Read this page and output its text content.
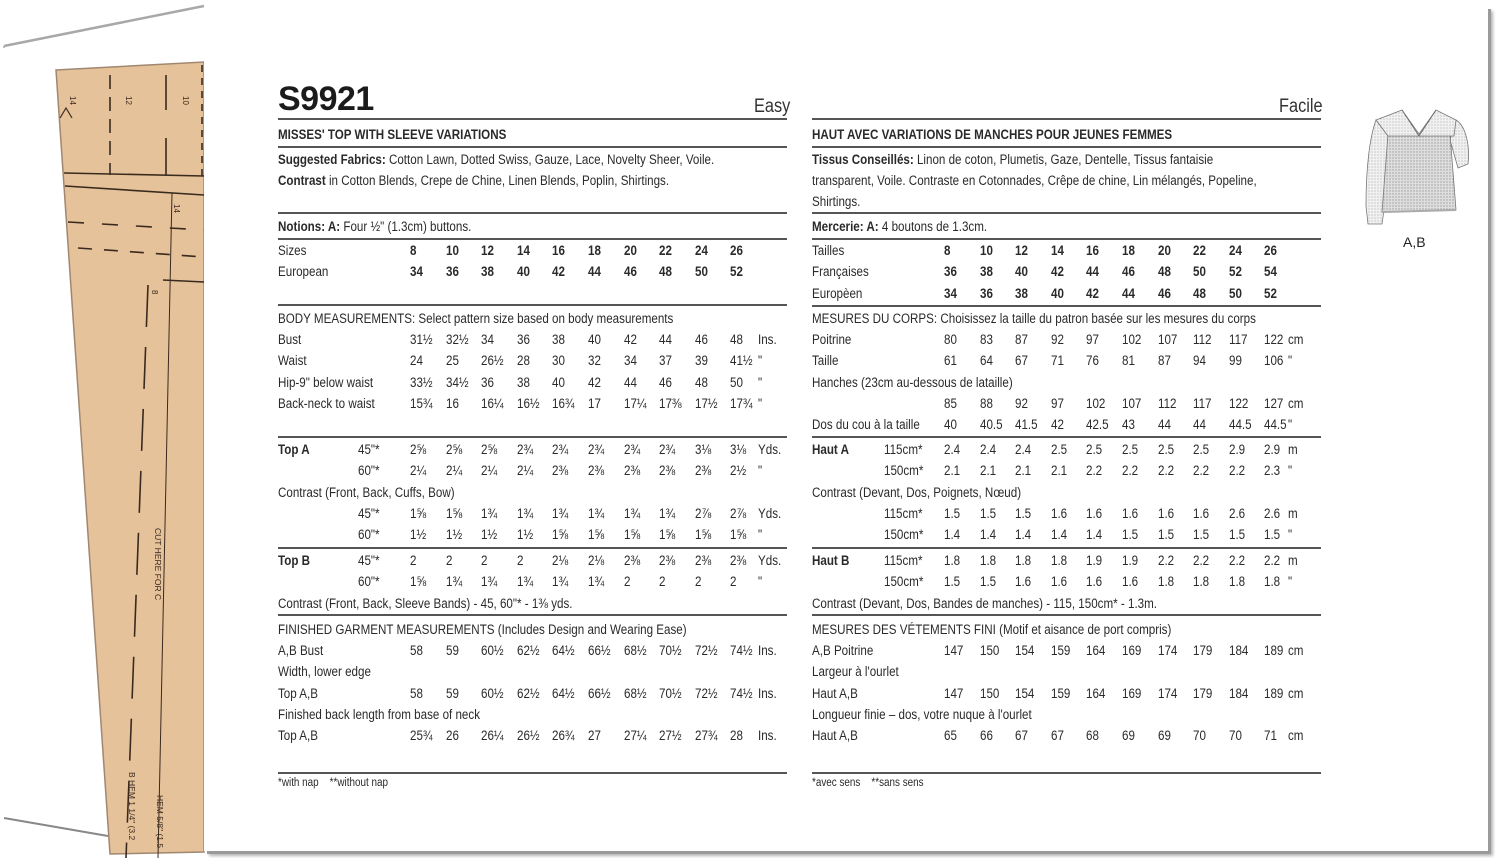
14	12	10
14
8
CUT HERE FOR C
B HEM 1 1/4" (3.2 HEM 5/8" (1.5
S9921	Easy
MISSES' TOP WITH SLEEVE VARIATIONS
Suggested Fabrics: Cotton Lawn, Dotted Swiss, Gauze, Lace, Novelty Sheer, Voile.
Contrast in Cotton Blends, Crepe de Chine, Linen Blends, Poplin, Shirtings.
Notions: A: Four ½" (1.3cm) buttons.
Sizes	8 10 12 14 16 18 20 22 24 26
European	34 36 38 40 42 44 46 48 50 52
BODY MEASUREMENTS: Select pattern size based on body measurements
Bust	31½ 32½ 34 36 38 40 42 44 46 48 Ins.
Waist	24 25 26½ 28 30 32 34 37 39 41½ "
Hip-9" below waist	33½ 34½ 36 38 40 42 44 46 48 50 "
Back-neck to waist	15¾ 16 16¼ 16½ 16¾ 17 17¼ 17⅜ 17½ 17¾ "
Top A	45"* 2⅝ 2⅝ 2⅝ 2¾ 2¾ 2¾ 2¾ 2¾ 3⅛ 3⅛ Yds.
60"* 2¼ 2¼ 2¼ 2¼ 2⅜ 2⅜ 2⅜ 2⅜ 2⅜ 2½ "
Contrast (Front, Back, Cuffs, Bow)
45"* 1⅝ 1⅝ 1¾ 1¾ 1¾ 1¾ 1¾ 1¾ 2⅞ 2⅞ Yds.
60"* 1½ 1½ 1½ 1½ 1⅝ 1⅝ 1⅝ 1⅝ 1⅝ 1⅝ "
Top B	45"* 2 2 2 2 2⅛ 2⅛ 2⅜ 2⅜ 2⅜ 2⅜ Yds.
60"* 1⅝ 1¾ 1¾ 1¾ 1¾ 1¾ 2 2 2 2 "
Contrast (Front, Back, Sleeve Bands) - 45, 60"* - 1⅜ yds.
FINISHED GARMENT MEASUREMENTS (Includes Design and Wearing Ease)
A,B Bust	58 59 60½ 62½ 64½ 66½ 68½ 70½ 72½ 74½ Ins.
Width, lower edge
Top A,B	58 59 60½ 62½ 64½ 66½ 68½ 70½ 72½ 74½ Ins.
Finished back length from base of neck
Top A,B	25¾ 26 26¼ 26½ 26¾ 27 27¼ 27½ 27¾ 28 Ins.
*with nap    **without nap
Facile
HAUT AVEC VARIATIONS DE MANCHES POUR JEUNES FEMMES
Tissus Conseillés: Linon de coton, Plumetis, Gaze, Dentelle, Tissus fantaisie
transparent, Voile. Contraste en Cotonnades, Crêpe de chine, Lin mélangés, Popeline,
Shirtings.
Mercerie: A: 4 boutons de 1.3cm.
Tailles	8 10 12 14 16 18 20 22 24 26
Françaises	36 38 40 42 44 46 48 50 52 54
Europèen	34 36 38 40 42 44 46 48 50 52
MESURES DU CORPS: Choisissez la taille du patron basée sur les mesures du corps
Poitrine	80 83 87 92 97 102 107 112 117 122 cm
Taille	61 64 67 71 76 81 87 94 99 106 "
Hanches (23cm au-dessous de lataille)
85 88 92 97 102 107 112 117 122 127 cm
Dos du cou à la taille 40 40.5 41.5 42 42.5 43 44 44 44.5 44.5 "
Haut A	115cm* 2.4 2.4 2.4 2.5 2.5 2.5 2.5 2.5 2.9 2.9 m
150cm* 2.1 2.1 2.1 2.1 2.2 2.2 2.2 2.2 2.2 2.3 "
Contrast (Devant, Dos, Poignets, Nœud)
115cm* 1.5 1.5 1.5 1.6 1.6 1.6 1.6 1.6 2.6 2.6 m
150cm* 1.4 1.4 1.4 1.4 1.4 1.5 1.5 1.5 1.5 1.5 "
Haut B	115cm* 1.8 1.8 1.8 1.8 1.9 1.9 2.2 2.2 2.2 2.2 m
150cm* 1.5 1.5 1.6 1.6 1.6 1.6 1.8 1.8 1.8 1.8 "
Contrast (Devant, Dos, Bandes de manches) - 115, 150cm* - 1.3m.
MESURES DES VÉTEMENTS FINI (Motif et aisance de port compris)
A,B Poitrine	147 150 154 159 164 169 174 179 184 189 cm
Largeur à l'ourlet
Haut A,B	147 150 154 159 164 169 174 179 184 189 cm
Longueur finie – dos, votre nuque à l'ourlet
Haut A,B	65 66 67 67 68 69 69 70 70 71 cm
*avec sens    **sans sens
A,B
